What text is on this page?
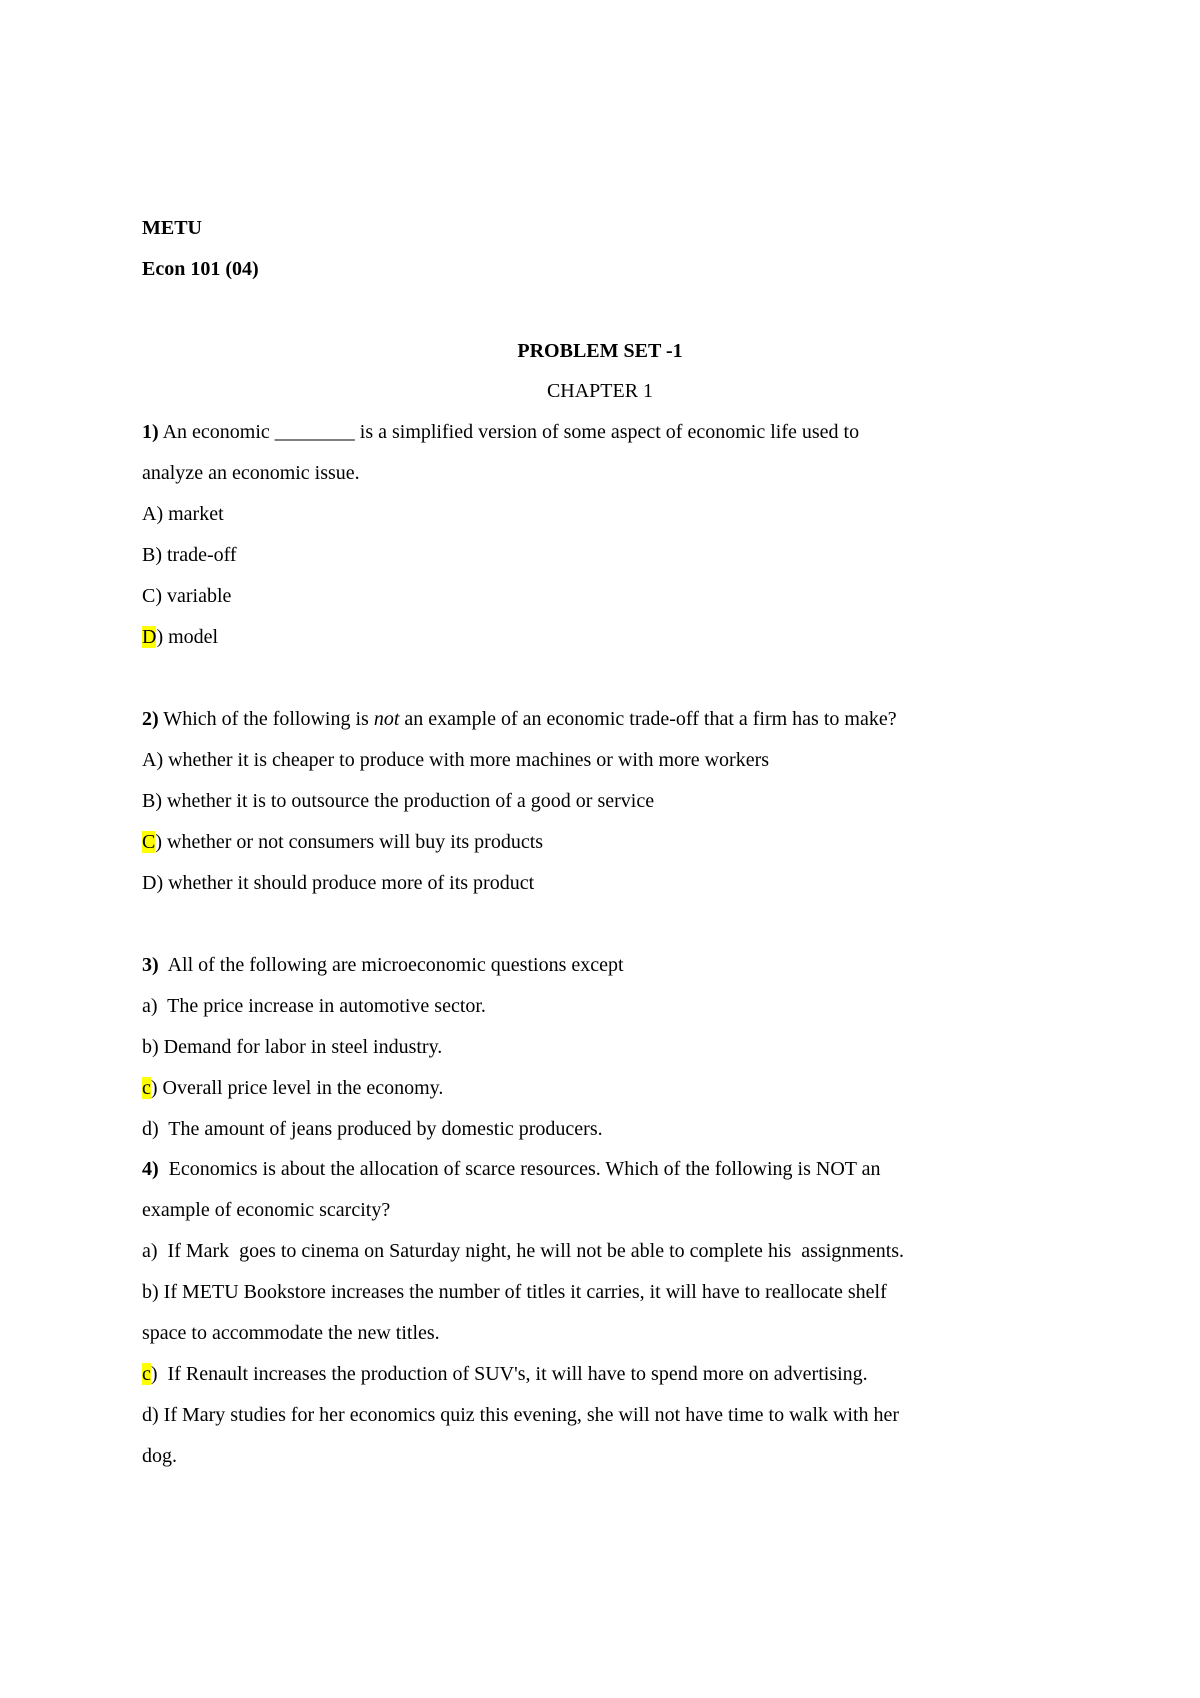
METU
Econ 101 (04)
PROBLEM SET -1
CHAPTER 1
1) An economic ________ is a simplified version of some aspect of economic life used to
analyze an economic issue.
A) market
B) trade-off
C) variable
D) model
2) Which of the following is not an example of an economic trade-off that a firm has to make?
A) whether it is cheaper to produce with more machines or with more workers
B) whether it is to outsource the production of a good or service
C) whether or not consumers will buy its products
D) whether it should produce more of its product
3)  All of the following are microeconomic questions except
a)  The price increase in automotive sector.
b) Demand for labor in steel industry.
c) Overall price level in the economy.
d)  The amount of jeans produced by domestic producers.
4)  Economics is about the allocation of scarce resources. Which of the following is NOT an
example of economic scarcity?
a)  If Mark  goes to cinema on Saturday night, he will not be able to complete his  assignments.
b) If METU Bookstore increases the number of titles it carries, it will have to reallocate shelf
space to accommodate the new titles.
c)  If Renault increases the production of SUV's, it will have to spend more on advertising.
d) If Mary studies for her economics quiz this evening, she will not have time to walk with her
dog.
